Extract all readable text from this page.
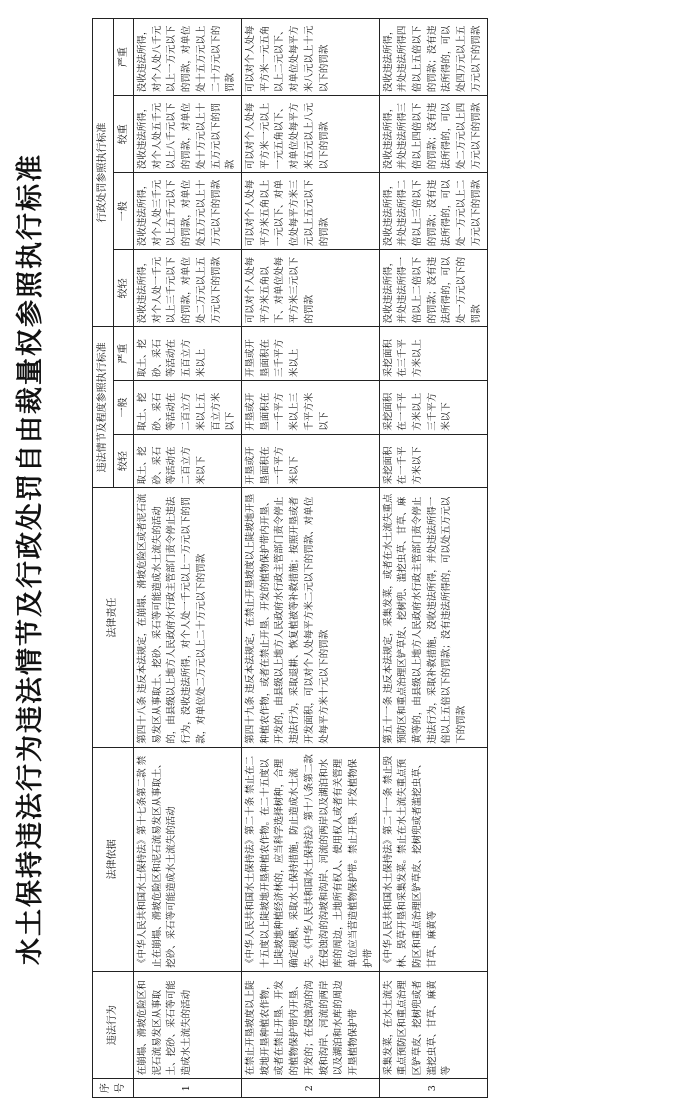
水土保持违法行为违法情节及行政处罚自由裁量权参照执行标准
序号	违法行为	法律依据	法律责任	违法情节及程度参照执行标准			行政处罚参照执行标准			
				较轻	一般	严重	较轻	一般	较重	严重
1	在崩塌、滑坡危险区和泥石流易发区从事取土、挖砂、采石等可能造成水土流失的活动	《中华人民共和国水土保持法》第十七条第二款 禁止在崩塌、滑坡危险区和泥石流易发区从事取土、挖砂、采石等可能造成水土流失的活动	第四十八条 违反本法规定，在崩塌、滑坡危险区或者泥石流易发区从事取土、挖砂、采石等可能造成水土流失的活动的，由县级以上地方人民政府水行政主管部门责令停止违法行为，没收违法所得，对个人处一千元以上一万元以下的罚款，对单位处二万元以上二十万元以下的罚款	取土、挖砂、采石等活动在二百立方米以下	取土、挖砂、采石等活动在二百立方米以上五百立方米以下	取土、挖砂、采石等活动在五百立方米以上	没收违法所得，对个人处一千元以上三千元以下的罚款，对单位处二万元以上五万元以下的罚款	没收违法所得，对个人处三千元以上五千元以下的罚款，对单位处五万元以上十万元以下的罚款	没收违法所得，对个人处五千元以上八千元以下的罚款，对单位处十万元以上十五万元以下的罚款	没收违法所得，对个人处八千元以上一万元以下的罚款，对单位处十五万元以上二十万元以下的罚款
2	在禁止开垦坡度以上陡坡地开垦种植农作物，或者在禁止开垦、开发的植物保护带内开垦、开发的；在侵蚀沟的沟坡和沟岸、河流的两岸以及湖泊和水库的周边开垦植物保护带	《中华人民共和国水土保持法》第二十条 禁止在二十五度以上陡坡地开垦种植农作物。在二十五度以上陡坡地种植经济林的，应当科学选择树种，合理确定规模，采取水土保持措施，防止造成水土流失。《中华人民共和国水土保持法》第十八条第二款 在侵蚀沟的沟坡和沟岸、河流的两岸以及湖泊和水库的周边，土地所有权人、使用权人或者有关管理单位应当营造植物保护带。禁止开垦、开发植物保护带	第四十九条 违反本法规定，在禁止开垦坡度以上陡坡地开垦种植农作物，或者在禁止开垦、开发的植物保护带内开垦、开发的，由县级以上地方人民政府水行政主管部门责令停止违法行为，采取退耕、恢复植被等补救措施；按照开垦或者开发面积，可以对个人处每平方米二元以下的罚款、对单位处每平方米十元以下的罚款	开垦或开垦面积在一千平方米以下	开垦或开垦面积在一千平方米以上三千平方米以下	开垦或开垦面积在三千平方米以上	可以对个人处每平方米五角以下、对单位处每平方米三元以下的罚款	可以对个人处每平方米五角以上一元以下、对单位处每平方米三元以上五元以下的罚款	可以对个人处每平方米一元以上一元五角以下、对单位处每平方米五元以上八元以下的罚款	可以对个人处每平方米一元五角以上二元以下、对单位处每平方米八元以上十元以下的罚款
3	采集发菜，在水土流失重点预防区和重点治理区铲草皮、挖树兜或者滥挖虫草、甘草、麻黄等	《中华人民共和国水土保持法》第二十一条 禁止毁林、毁草开垦和采集发菜。禁止在水土流失重点预防区和重点治理区铲草皮、挖树兜或者滥挖虫草、甘草、麻黄等	第五十一条 违反本法规定，采集发菜，或者在水土流失重点预防区和重点治理区铲草皮、挖树兜、滥挖虫草、甘草、麻黄等的，由县级以上地方人民政府水行政主管部门责令停止违法行为，采取补救措施，没收违法所得，并处违法所得一倍以上五倍以下的罚款；没有违法所得的，可以处五万元以下的罚款	采挖面积在一千平方米以下	采挖面积在一千平方米以上三千平方米以下	采挖面积在三千平方米以上	没收违法所得，并处违法所得一倍以上二倍以下的罚款；没有违法所得的，可以处一万元以下的罚款	没收违法所得，并处违法所得二倍以上三倍以下的罚款；没有违法所得的，可以处一万元以上二万元以下的罚款	没收违法所得，并处违法所得三倍以上四倍以下的罚款；没有违法所得的，可以处二万元以上四万元以下的罚款	没收违法所得，并处违法所得四倍以上五倍以下的罚款；没有违法所得的，可以处四万元以上五万元以下的罚款
